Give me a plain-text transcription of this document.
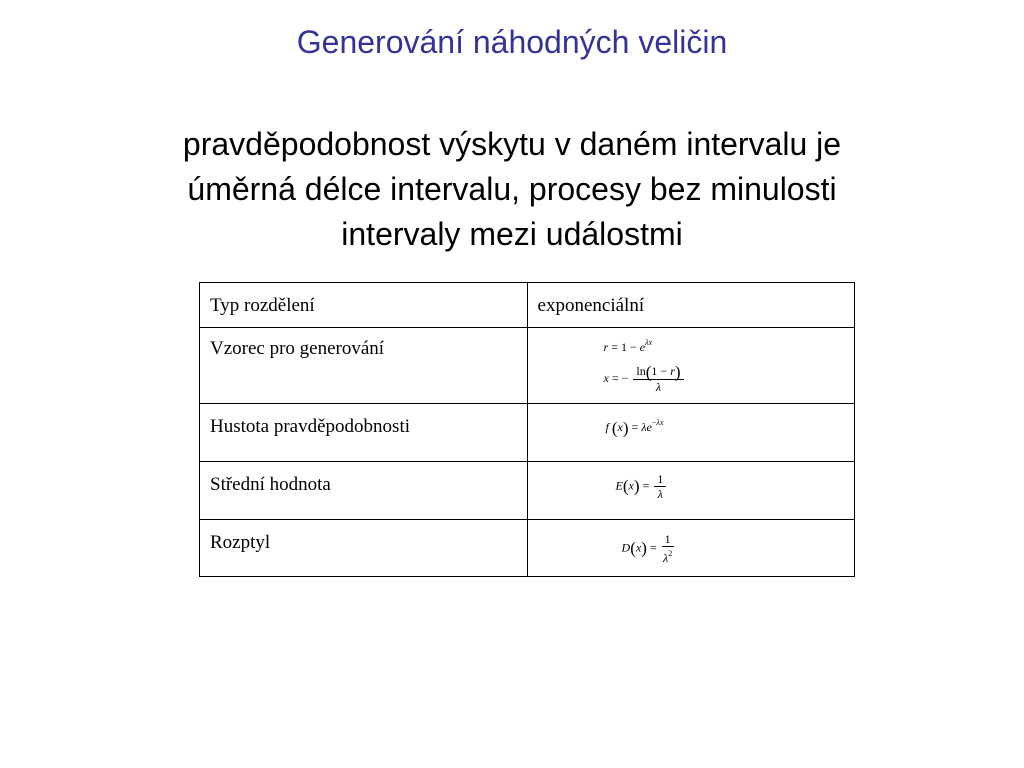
Generování náhodných veličin
pravděpodobnost výskytu v daném intervalu je
úměrná délce intervalu, procesy bez minulosti
intervaly mezi událostmi
Typ rozdělení	exponenciální
Vzorec pro generování	$r = 1 - e^{\lambda x}$
x = − $\frac{\ln(1 - r)}{\lambda}$

Hustota pravděpodobnosti	f $(x) = \lambda e^{-\lambda x}$

Střední hodnota	$E(x) = \frac{1}{\lambda}$

Rozptyl	$D(x) = \frac{1}{\lambda^2}$
